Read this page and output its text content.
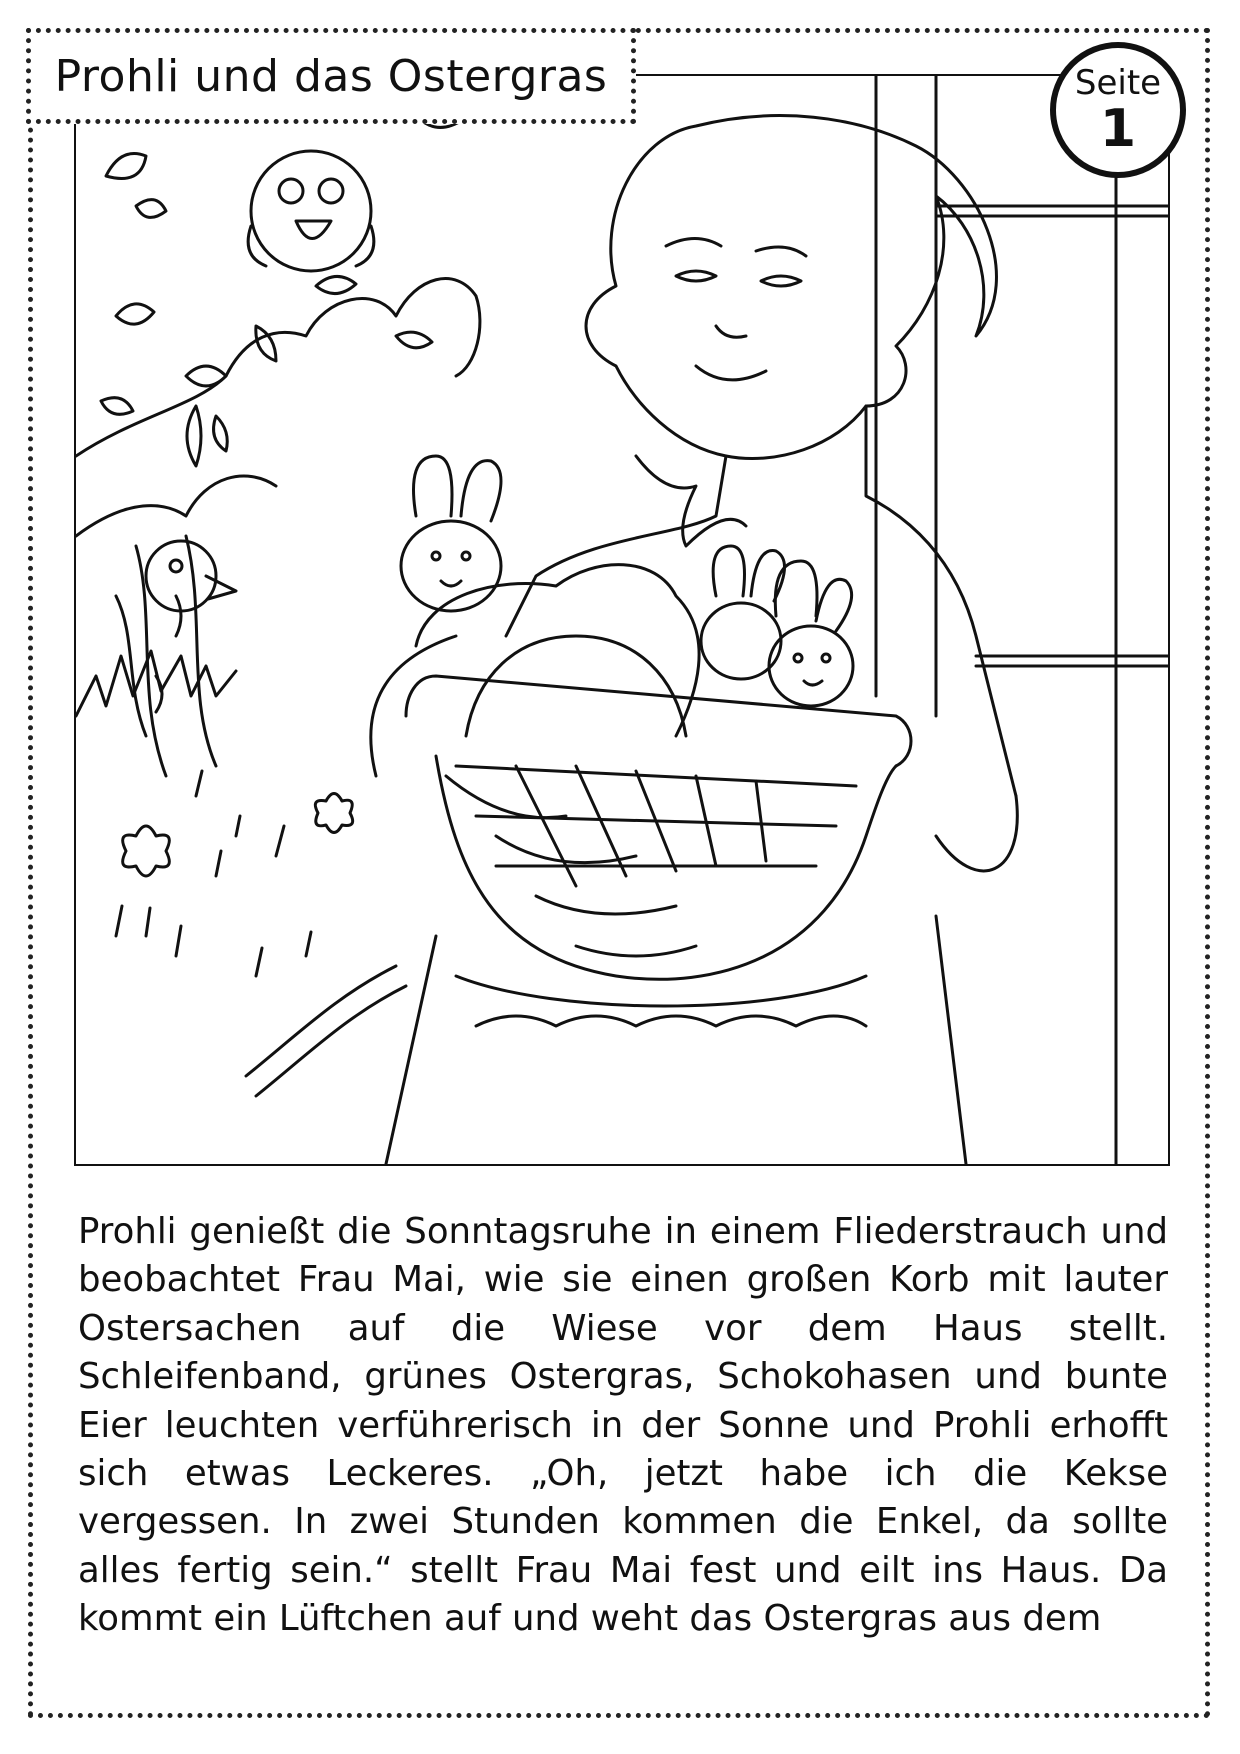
Prohli und das Ostergras	Seite
1

Prohli genießt die Sonntagsruhe in einem Fliederstrauch und beobachtet Frau Mai, wie sie einen großen Korb mit lauter Ostersachen auf die Wiese vor dem Haus stellt. Schleifenband, grünes Ostergras, Schokohasen und bunte Eier leuchten verführerisch in der Sonne und Prohli erhofft sich etwas Leckeres. „Oh, jetzt habe ich die Kekse vergessen. In zwei Stunden kommen die Enkel, da sollte alles fertig sein.“ stellt Frau Mai fest und eilt ins Haus. Da kommt ein Lüftchen auf und weht das Ostergras aus dem
